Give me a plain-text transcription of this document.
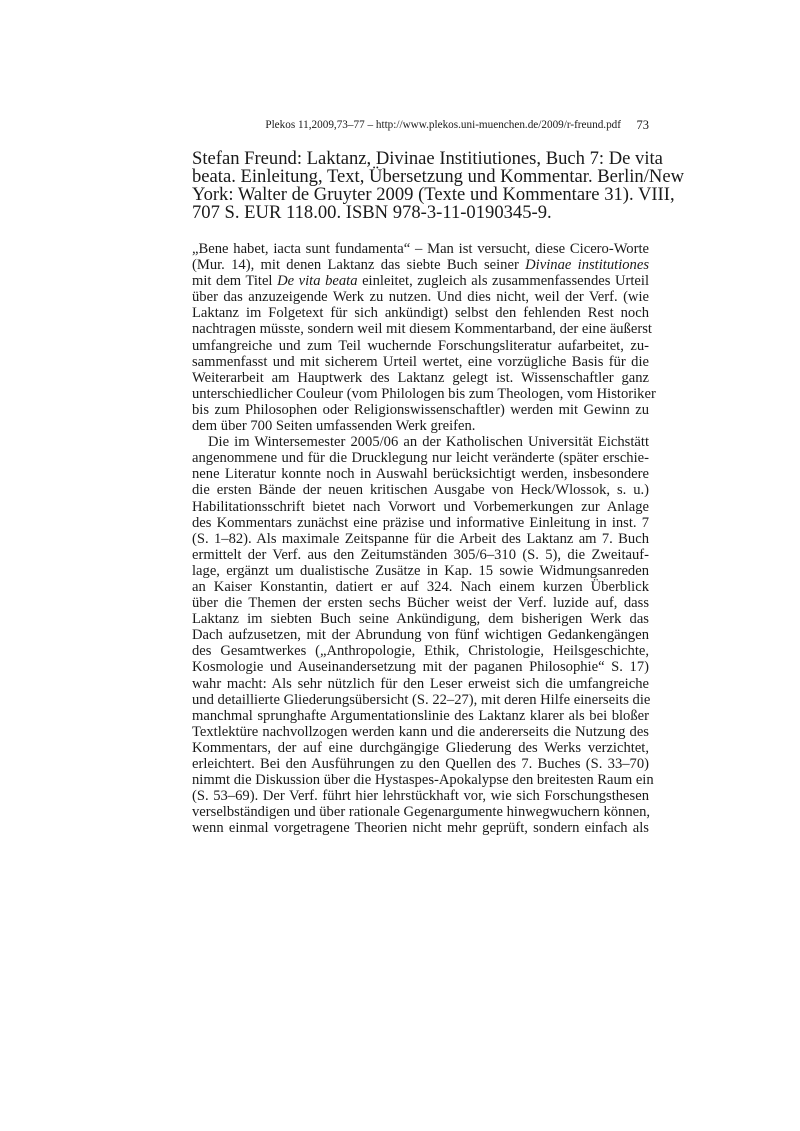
Plekos 11,2009,73–77 – http://www.plekos.uni-muenchen.de/2009/r-freund.pdf 73
Stefan Freund: Laktanz, Divinae Institiutiones, Buch 7: De vita
beata. Einleitung, Text, Übersetzung und Kommentar. Berlin/New
York: Walter de Gruyter 2009 (Texte und Kommentare 31). VIII,
707 S. EUR 118.00. ISBN 978-3-11-0190345-9.
„Bene habet, iacta sunt fundamenta“ – Man ist versucht, diese Cicero-Worte
(Mur. 14), mit denen Laktanz das siebte Buch seiner Divinae institutiones
mit dem Titel De vita beata einleitet, zugleich als zusammenfassendes Urteil
über das anzuzeigende Werk zu nutzen. Und dies nicht, weil der Verf. (wie
Laktanz im Folgetext für sich ankündigt) selbst den fehlenden Rest noch
nachtragen müsste, sondern weil mit diesem Kommentarband, der eine äußerst
umfangreiche und zum Teil wuchernde Forschungsliteratur aufarbeitet, zu-
sammenfasst und mit sicherem Urteil wertet, eine vorzügliche Basis für die
Weiterarbeit am Hauptwerk des Laktanz gelegt ist. Wissenschaftler ganz
unterschiedlicher Couleur (vom Philologen bis zum Theologen, vom Historiker
bis zum Philosophen oder Religionswissenschaftler) werden mit Gewinn zu
dem über 700 Seiten umfassenden Werk greifen.
Die im Wintersemester 2005/06 an der Katholischen Universität Eichstätt
angenommene und für die Drucklegung nur leicht veränderte (später erschie-
nene Literatur konnte noch in Auswahl berücksichtigt werden, insbesondere
die ersten Bände der neuen kritischen Ausgabe von Heck/Wlossok, s. u.)
Habilitationsschrift bietet nach Vorwort und Vorbemerkungen zur Anlage
des Kommentars zunächst eine präzise und informative Einleitung in inst. 7
(S. 1–82). Als maximale Zeitspanne für die Arbeit des Laktanz am 7. Buch
ermittelt der Verf. aus den Zeitumständen 305/6–310 (S. 5), die Zweitauf-
lage, ergänzt um dualistische Zusätze in Kap. 15 sowie Widmungsanreden
an Kaiser Konstantin, datiert er auf 324. Nach einem kurzen Überblick
über die Themen der ersten sechs Bücher weist der Verf. luzide auf, dass
Laktanz im siebten Buch seine Ankündigung, dem bisherigen Werk das
Dach aufzusetzen, mit der Abrundung von fünf wichtigen Gedankengängen
des Gesamtwerkes („Anthropologie, Ethik, Christologie, Heilsgeschichte,
Kosmologie und Auseinandersetzung mit der paganen Philosophie“ S. 17)
wahr macht: Als sehr nützlich für den Leser erweist sich die umfangreiche
und detaillierte Gliederungsübersicht (S. 22–27), mit deren Hilfe einerseits die
manchmal sprunghafte Argumentationslinie des Laktanz klarer als bei bloßer
Textlektüre nachvollzogen werden kann und die andererseits die Nutzung des
Kommentars, der auf eine durchgängige Gliederung des Werks verzichtet,
erleichtert. Bei den Ausführungen zu den Quellen des 7. Buches (S. 33–70)
nimmt die Diskussion über die Hystaspes-Apokalypse den breitesten Raum ein
(S. 53–69). Der Verf. führt hier lehrstückhaft vor, wie sich Forschungsthesen
verselbständigen und über rationale Gegenargumente hinwegwuchern können,
wenn einmal vorgetragene Theorien nicht mehr geprüft, sondern einfach als
